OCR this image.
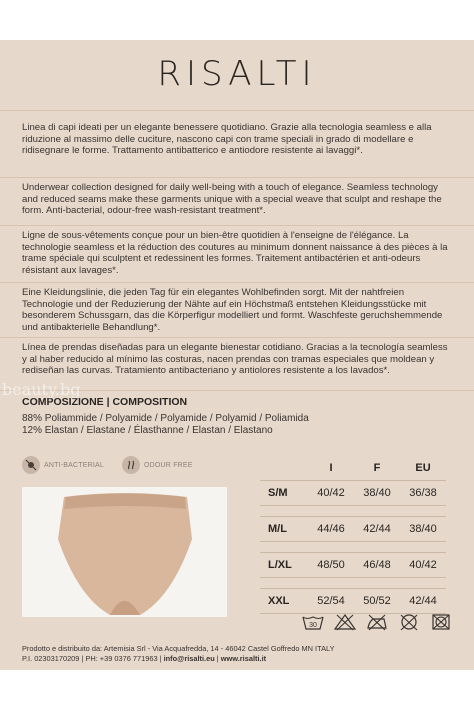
RISALTI

Linea di capi ideati per un elegante benessere quotidiano. Grazie alla tecnologia seamless e alla riduzione al massimo delle cuciture, nascono capi con trame speciali in grado di modellare e ridisegnare le forme. Trattamento antibatterico e antiodore resistente ai lavaggi*.

Underwear collection designed for daily well-being with a touch of elegance. Seamless technology and reduced seams make these garments unique with a special weave that sculpt and reshape the form. Anti-bacterial, odour-free wash-resistant treatment*.

Ligne de sous-vêtements conçue pour un bien-être quotidien à l'enseigne de l'élégance. La technologie seamless et la réduction des coutures au minimum donnent naissance à des pièces à la trame spéciale qui sculptent et redessinent les formes. Traitement antibactérien et anti-odeurs résistant aux lavages*.

Eine Kleidungslinie, die jeden Tag für ein elegantes Wohlbefinden sorgt. Mit der nahtfreien Technologie und der Reduzierung der Nähte auf ein Höchstmaß entstehen Kleidungsstücke mit besonderem Schussgarn, das die Körperfigur modelliert und formt. Waschfeste geruchshemmende und antibakterielle Behandlung*.

Línea de prendas diseñadas para un elegante bienestar cotidiano. Gracias a la tecnología seamless y al haber reducido al mínimo las costuras, nacen prendas con tramas especiales que moldean y rediseñan las curvas. Tratamiento antibacteriano y antiolores resistente a los lavados*.

COMPOSIZIONE | COMPOSITION
88% Poliammide / Polyamide / Polyamide / Polyamid / Poliamida
12% Elastan / Elastane / Élasthanne / Elastan / Elastano
ANTI-BACTERIAL	ODOUR FREE
		I	F	EU
S/M	40/42	38/40	36/38

M/L	44/46	42/44	38/40

L/XL	48/50	46/48	40/42

XXL	52/54	50/52	42/44
30
Prodotto e distribuito da: Artemisia Srl - Via Acquafredda, 14 - 46042 Castel Goffredo MN ITALY
P.I. 02303170209 | PH: +39 0376 771963 | info@risalti.eu | www.risalti.it
beauty.bg
